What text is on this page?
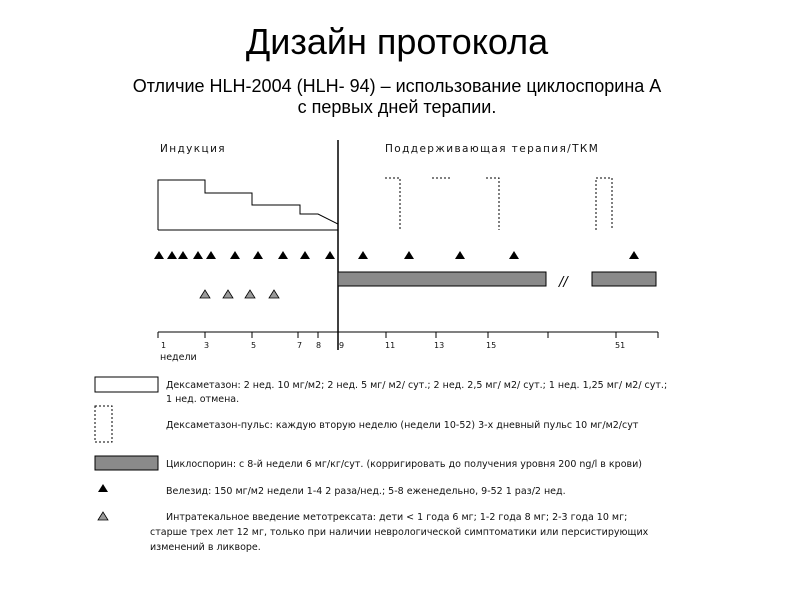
Дизайн протокола
Отличие HLH-2004 (HLH- 94) – использование циклоспорина А
с первых дней терапии.
Индукция	Поддерживающая терапия/ТКМ
//
1	3	5	7 8 9	11	13	15	51
недели
Дексаметазон: 2 нед. 10 мг/м2; 2 нед. 5 мг/ м2/ сут.; 2 нед. 2,5 мг/ м2/ сут.; 1 нед. 1,25 мг/ м2/ сут.;
1 нед. отмена.
Дексаметазон-пульс: каждую вторую неделю (недели 10-52) 3-х дневный пульс 10 мг/м2/сут
Циклоспорин: с 8-й недели 6 мг/кг/сут. (корригировать до получения уровня 200 ng/l в крови)
Велезид: 150 мг/м2 недели 1-4 2 раза/нед.; 5-8 еженедельно, 9-52 1 раз/2 нед.
Интратекальное введение метотрексата: дети < 1 года 6 мг; 1-2 года 8 мг; 2-3 года 10 мг;
старше трех лет 12 мг, только при наличии неврологической симптоматики или персистирующих
изменений в ликворе.
